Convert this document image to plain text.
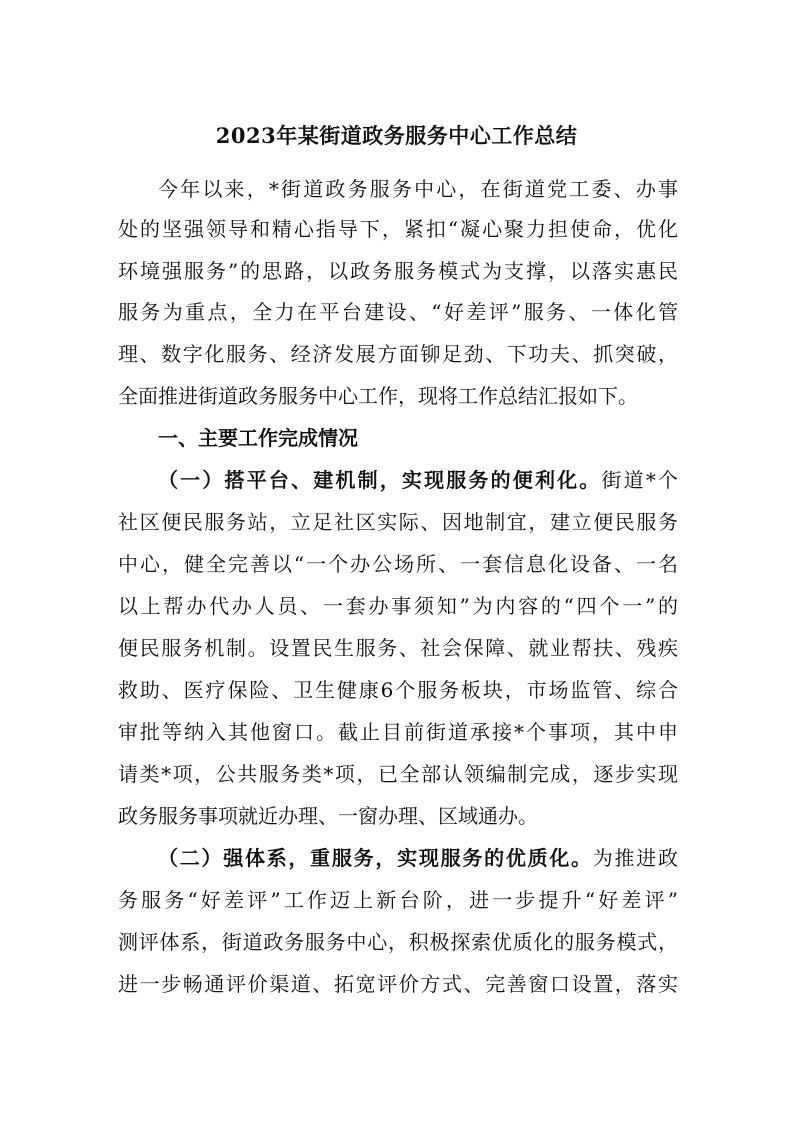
2023年某街道政务服务中心工作总结
今年以来，*街道政务服务中心，在街道党工委、办事
处的坚强领导和精心指导下，紧扣“凝心聚力担使命，优化
环境强服务”的思路，以政务服务模式为支撑，以落实惠民
服务为重点，全力在平台建设、“好差评”服务、一体化管
理、数字化服务、经济发展方面铆足劲、下功夫、抓突破，
全面推进街道政务服务中心工作，现将工作总结汇报如下。
一、主要工作完成情况
（一）搭平台、建机制，实现服务的便利化。街道*个
社区便民服务站，立足社区实际、因地制宜，建立便民服务
中心，健全完善以“一个办公场所、一套信息化设备、一名
以上帮办代办人员、一套办事须知”为内容的“四个一”的
便民服务机制。设置民生服务、社会保障、就业帮扶、残疾
救助、医疗保险、卫生健康6个服务板块，市场监管、综合
审批等纳入其他窗口。截止目前街道承接*个事项，其中申
请类*项，公共服务类*项，已全部认领编制完成，逐步实现
政务服务事项就近办理、一窗办理、区域通办。
（二）强体系，重服务，实现服务的优质化。为推进政
务服务“好差评”工作迈上新台阶，进一步提升“好差评”
测评体系，街道政务服务中心，积极探索优质化的服务模式，
进一步畅通评价渠道、拓宽评价方式、完善窗口设置，落实
